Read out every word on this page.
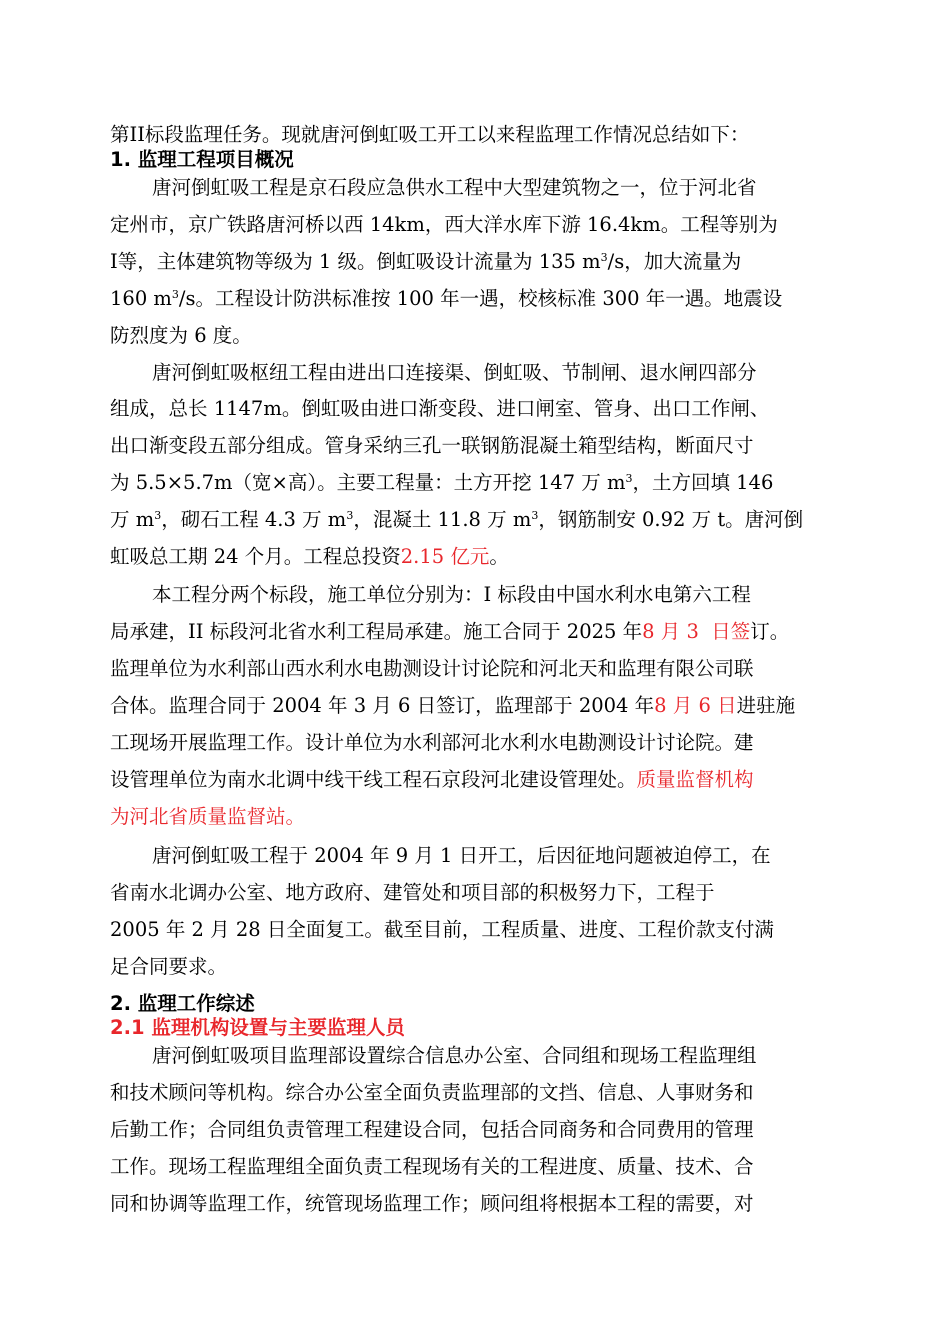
第II标段监理任务。现就唐河倒虹吸工开工以来程监理工作情况总结如下：
1. 监理工程项目概况
唐河倒虹吸工程是京石段应急供水工程中大型建筑物之一，位于河北省
定州市，京广铁路唐河桥以西 14km，西大洋水库下游 16.4km。工程等别为
Ⅰ等，主体建筑物等级为 1 级。倒虹吸设计流量为 135 $m^3/s$，加大流量为
160 $m^3/s$。工程设计防洪标准按 100 年一遇，校核标准 300 年一遇。地震设
防烈度为 6 度。
唐河倒虹吸枢纽工程由进出口连接渠、倒虹吸、节制闸、退水闸四部分
组成，总长 1147m。倒虹吸由进口渐变段、进口闸室、管身、出口工作闸、
出口渐变段五部分组成。管身采纳三孔一联钢筋混凝土箱型结构，断面尺寸
为 5.5×5.7m（宽×高）。主要工程量：土方开挖 147 万 $m^3$，土方回填 146
万 $m^3$，砌石工程 4.3 万 $m^3$，混凝土 11.8 万 $m^3$，钢筋制安 0.92 万 t。唐河倒
虹吸总工期 24 个月。工程总投资2.15 亿元。
本工程分两个标段，施工单位分别为：I 标段由中国水利水电第六工程
局承建，II 标段河北省水利工程局承建。施工合同于 2025 年8 月 3  日签订。
监理单位为水利部山西水利水电勘测设计讨论院和河北天和监理有限公司联
合体。监理合同于 2004 年 3 月 6 日签订，监理部于 2004 年8 月 6 日进驻施
工现场开展监理工作。设计单位为水利部河北水利水电勘测设计讨论院。建
设管理单位为南水北调中线干线工程石京段河北建设管理处。质量监督机构
为河北省质量监督站。
唐河倒虹吸工程于 2004 年 9 月 1 日开工，后因征地问题被迫停工，在
省南水北调办公室、地方政府、建管处和项目部的积极努力下，工程于
2005 年 2 月 28 日全面复工。截至目前，工程质量、进度、工程价款支付满
足合同要求。
2. 监理工作综述
2.1 监理机构设置与主要监理人员
唐河倒虹吸项目监理部设置综合信息办公室、合同组和现场工程监理组
和技术顾问等机构。综合办公室全面负责监理部的文挡、信息、人事财务和
后勤工作；合同组负责管理工程建设合同，包括合同商务和合同费用的管理
工作。现场工程监理组全面负责工程现场有关的工程进度、质量、技术、合
同和协调等监理工作，统管现场监理工作；顾问组将根据本工程的需要，对
